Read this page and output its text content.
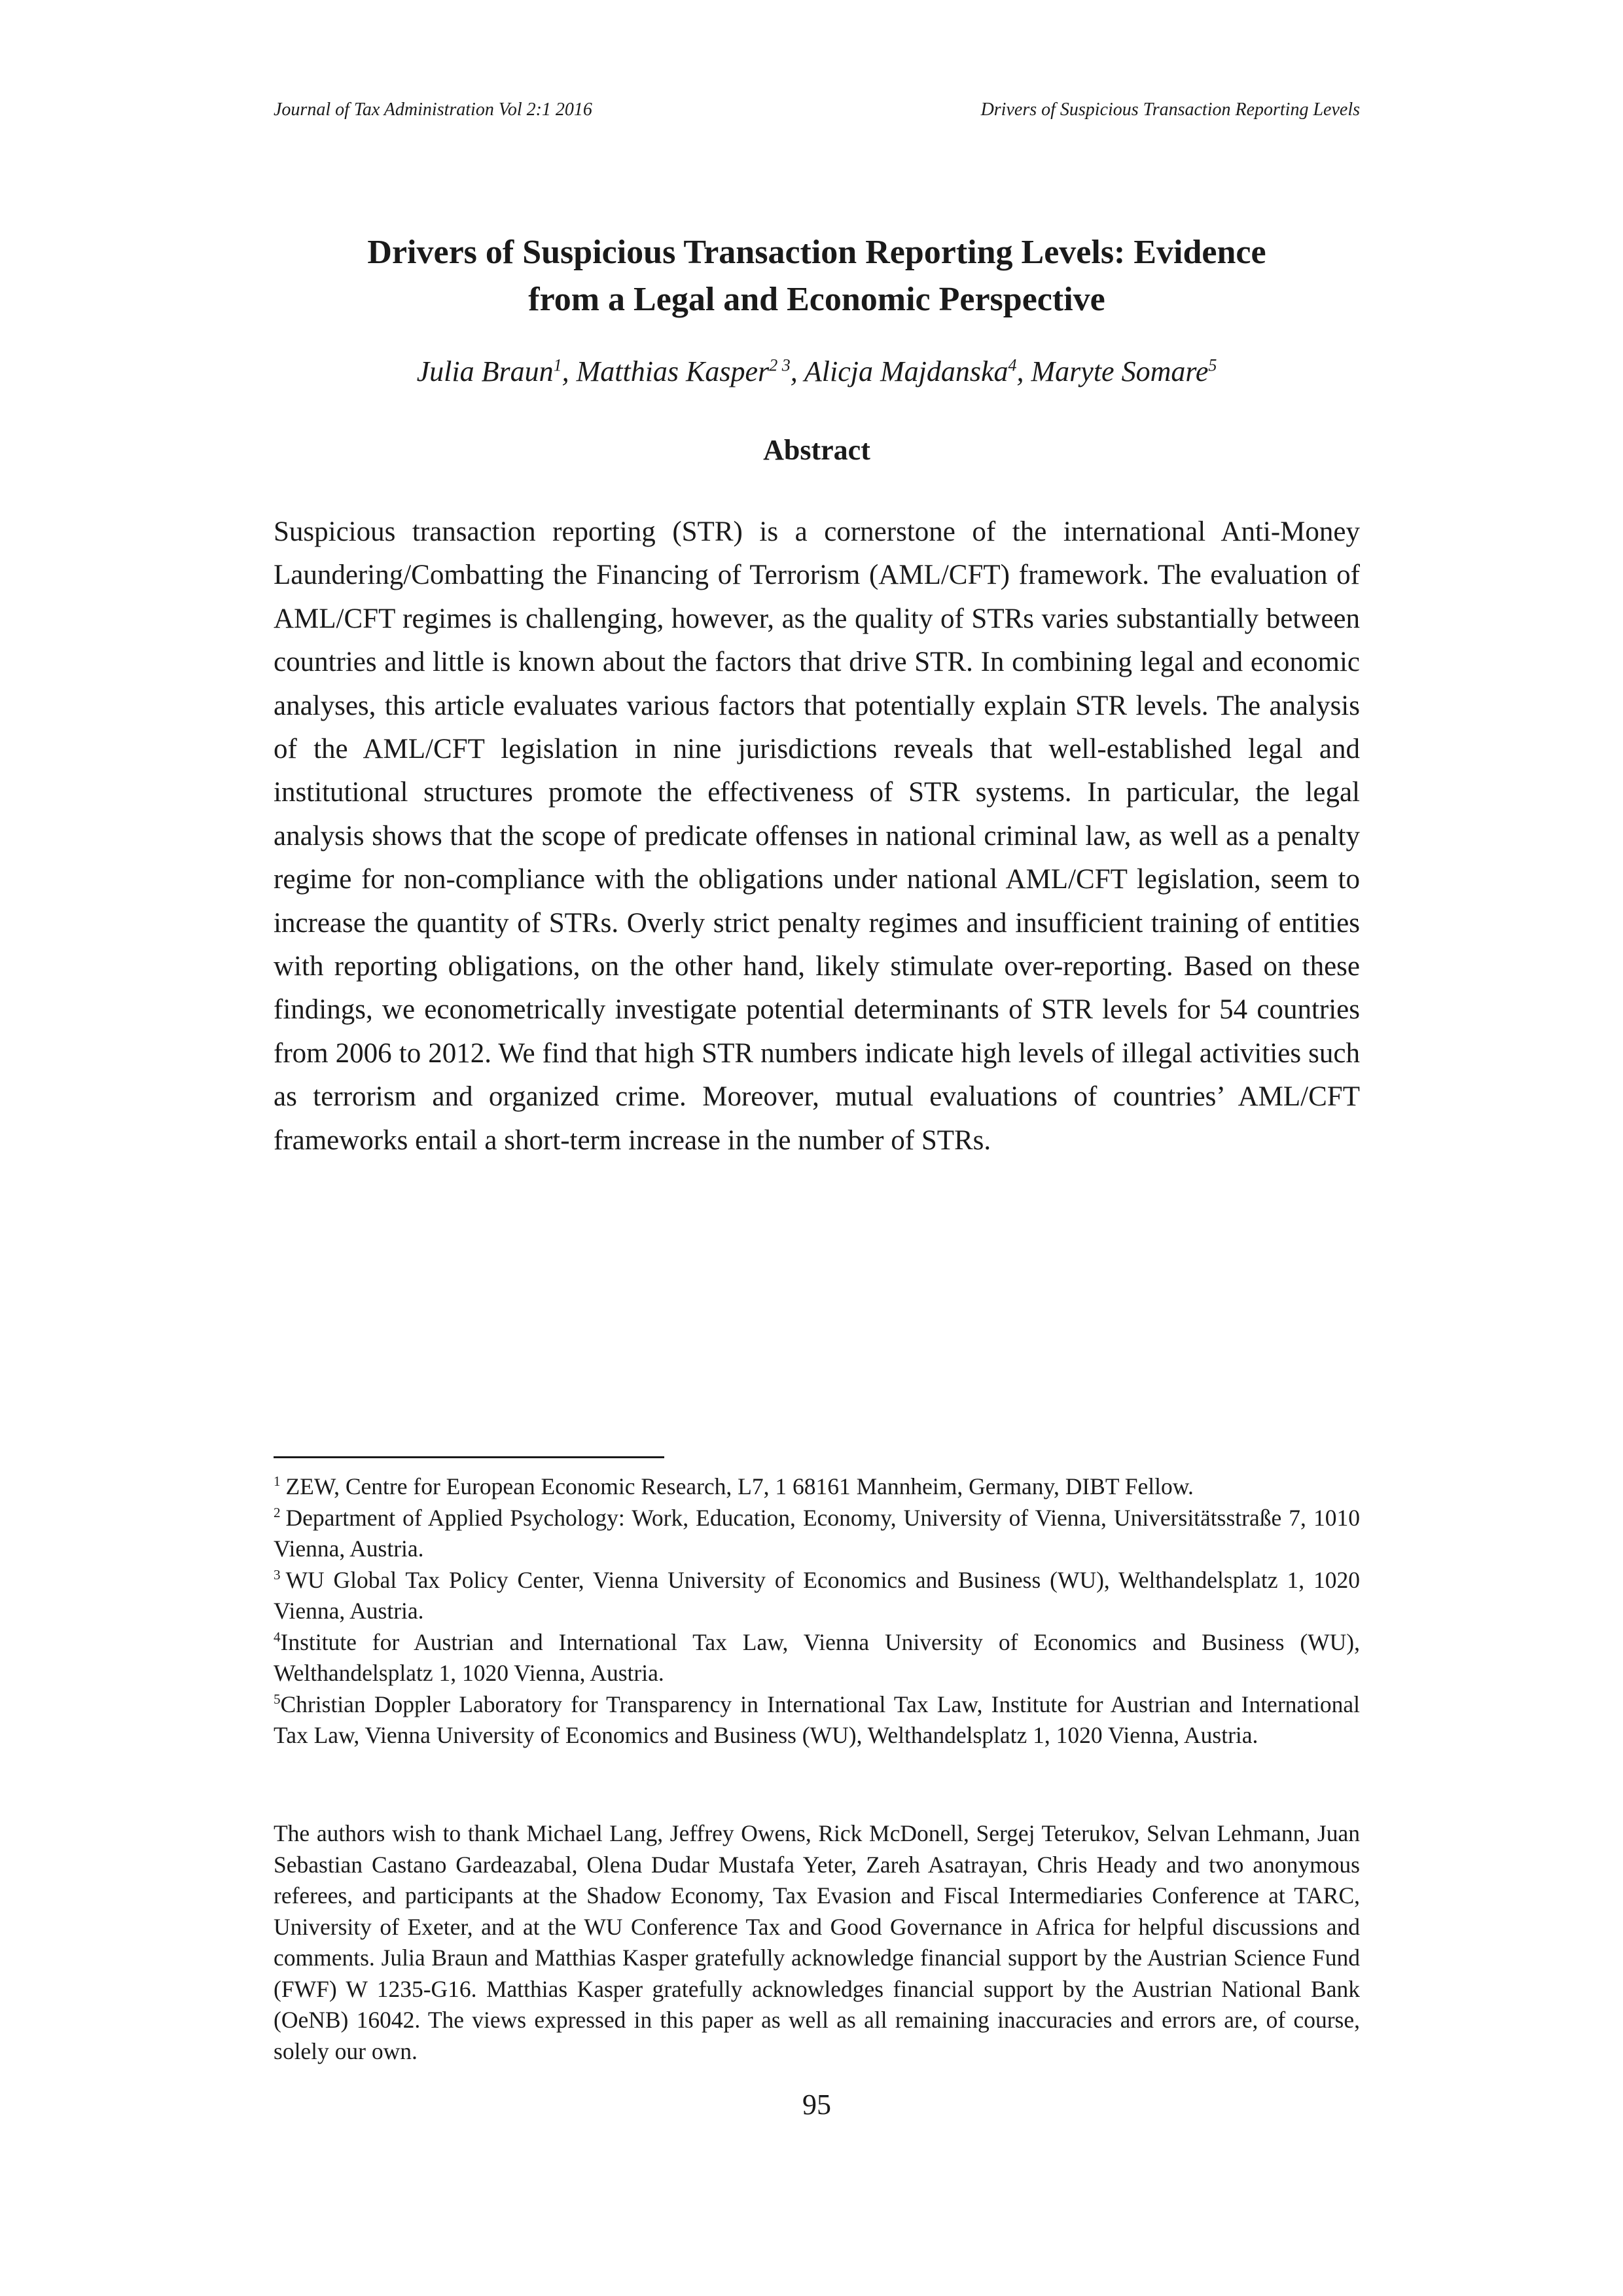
Journal of Tax Administration Vol 2:1 2016	Drivers of Suspicious Transaction Reporting Levels
Drivers of Suspicious Transaction Reporting Levels: Evidence
from a Legal and Economic Perspective
Julia Braun$^1$, Matthias Kasper$^{2 3}$, Alicja Majdanska$^4$, Maryte Somare$^5$
Abstract
Suspicious transaction reporting (STR) is a cornerstone of the international Anti-Money Laundering/Combatting the Financing of Terrorism (AML/CFT) framework. The evaluation of AML/CFT regimes is challenging, however, as the quality of STRs varies substantially between countries and little is known about the factors that drive STR. In combining legal and economic analyses, this article evaluates various factors that potentially explain STR levels. The analysis of the AML/CFT legislation in nine jurisdictions reveals that well-established legal and institutional structures promote the effectiveness of STR systems. In particular, the legal analysis shows that the scope of predicate offenses in national criminal law, as well as a penalty regime for non-compliance with the obligations under national AML/CFT legislation, seem to increase the quantity of STRs. Overly strict penalty regimes and insufficient training of entities with reporting obligations, on the other hand, likely stimulate over-reporting. Based on these findings, we econometrically investigate potential determinants of STR levels for 54 countries from 2006 to 2012. We find that high STR numbers indicate high levels of illegal activities such as terrorism and organized crime. Moreover, mutual evaluations of countries’ AML/CFT frameworks entail a short-term increase in the number of STRs.

$^1$ ZEW, Centre for European Economic Research, L7, 1 68161 Mannheim, Germany, DIBT Fellow.

$^2$ Department of Applied Psychology: Work, Education, Economy, University of Vienna, Universitätsstraße 7, 1010 Vienna, Austria.

$^3$ WU Global Tax Policy Center, Vienna University of Economics and Business (WU), Welthandelsplatz 1, 1020 Vienna, Austria.

$^4$Institute for Austrian and International Tax Law, Vienna University of Economics and Business (WU), Welthandelsplatz 1, 1020 Vienna, Austria.

$^5$Christian Doppler Laboratory for Transparency in International Tax Law, Institute for Austrian and International Tax Law, Vienna University of Economics and Business (WU), Welthandelsplatz 1, 1020 Vienna, Austria.

The authors wish to thank Michael Lang, Jeffrey Owens, Rick McDonell, Sergej Teterukov, Selvan Lehmann, Juan Sebastian Castano Gardeazabal, Olena Dudar Mustafa Yeter, Zareh Asatrayan, Chris Heady and two anonymous referees, and participants at the Shadow Economy, Tax Evasion and Fiscal Intermediaries Conference at TARC, University of Exeter, and at the WU Conference Tax and Good Governance in Africa for helpful discussions and comments. Julia Braun and Matthias Kasper gratefully acknowledge financial support by the Austrian Science Fund (FWF) W 1235-G16. Matthias Kasper gratefully acknowledges financial support by the Austrian National Bank (OeNB) 16042. The views expressed in this paper as well as all remaining inaccuracies and errors are, of course, solely our own.
95
